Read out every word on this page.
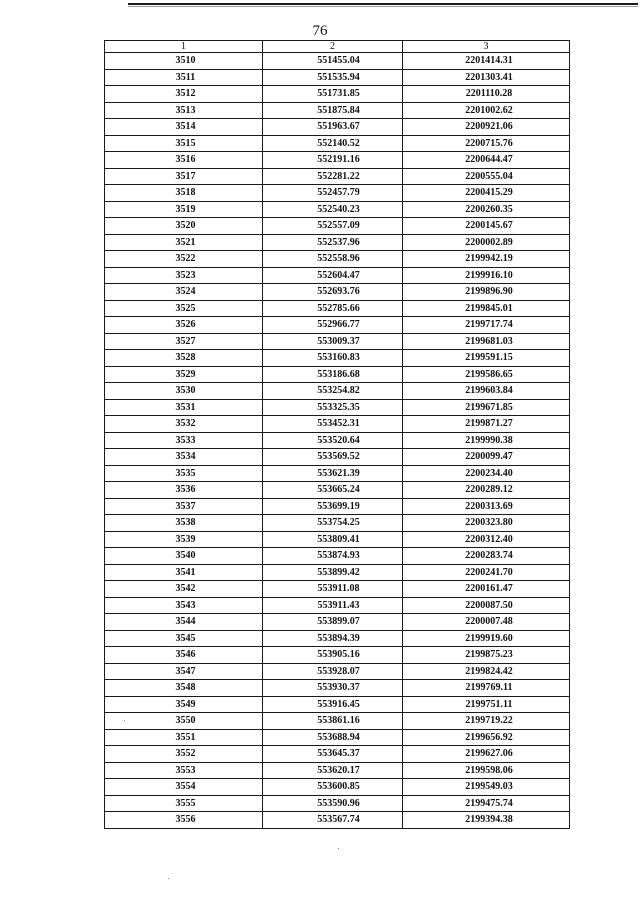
76
1	2	3
3510	551455.04	2201414.31
3511	551535.94	2201303.41
3512	551731.85	2201110.28
3513	551875.84	2201002.62
3514	551963.67	2200921.06
3515	552140.52	2200715.76
3516	552191.16	2200644.47
3517	552281.22	2200555.04
3518	552457.79	2200415.29
3519	552540.23	2200260.35
3520	552557.09	2200145.67
3521	552537.96	2200002.89
3522	552558.96	2199942.19
3523	552604.47	2199916.10
3524	552693.76	2199896.90
3525	552785.66	2199845.01
3526	552966.77	2199717.74
3527	553009.37	2199681.03
3528	553160.83	2199591.15
3529	553186.68	2199586.65
3530	553254.82	2199603.84
3531	553325.35	2199671.85
3532	553452.31	2199871.27
3533	553520.64	2199990.38
3534	553569.52	2200099.47
3535	553621.39	2200234.40
3536	553665.24	2200289.12
3537	553699.19	2200313.69
3538	553754.25	2200323.80
3539	553809.41	2200312.40
3540	553874.93	2200283.74
3541	553899.42	2200241.70
3542	553911.08	2200161.47
3543	553911.43	2200087.50
3544	553899.07	2200007.48
3545	553894.39	2199919.60
3546	553905.16	2199875.23
3547	553928.07	2199824.42
3548	553930.37	2199769.11
3549	553916.45	2199751.11
3550	553861.16	2199719.22
3551	553688.94	2199656.92
3552	553645.37	2199627.06
3553	553620.17	2199598.06
3554	553600.85	2199549.03
3555	553590.96	2199475.74
3556	553567.74	2199394.38
